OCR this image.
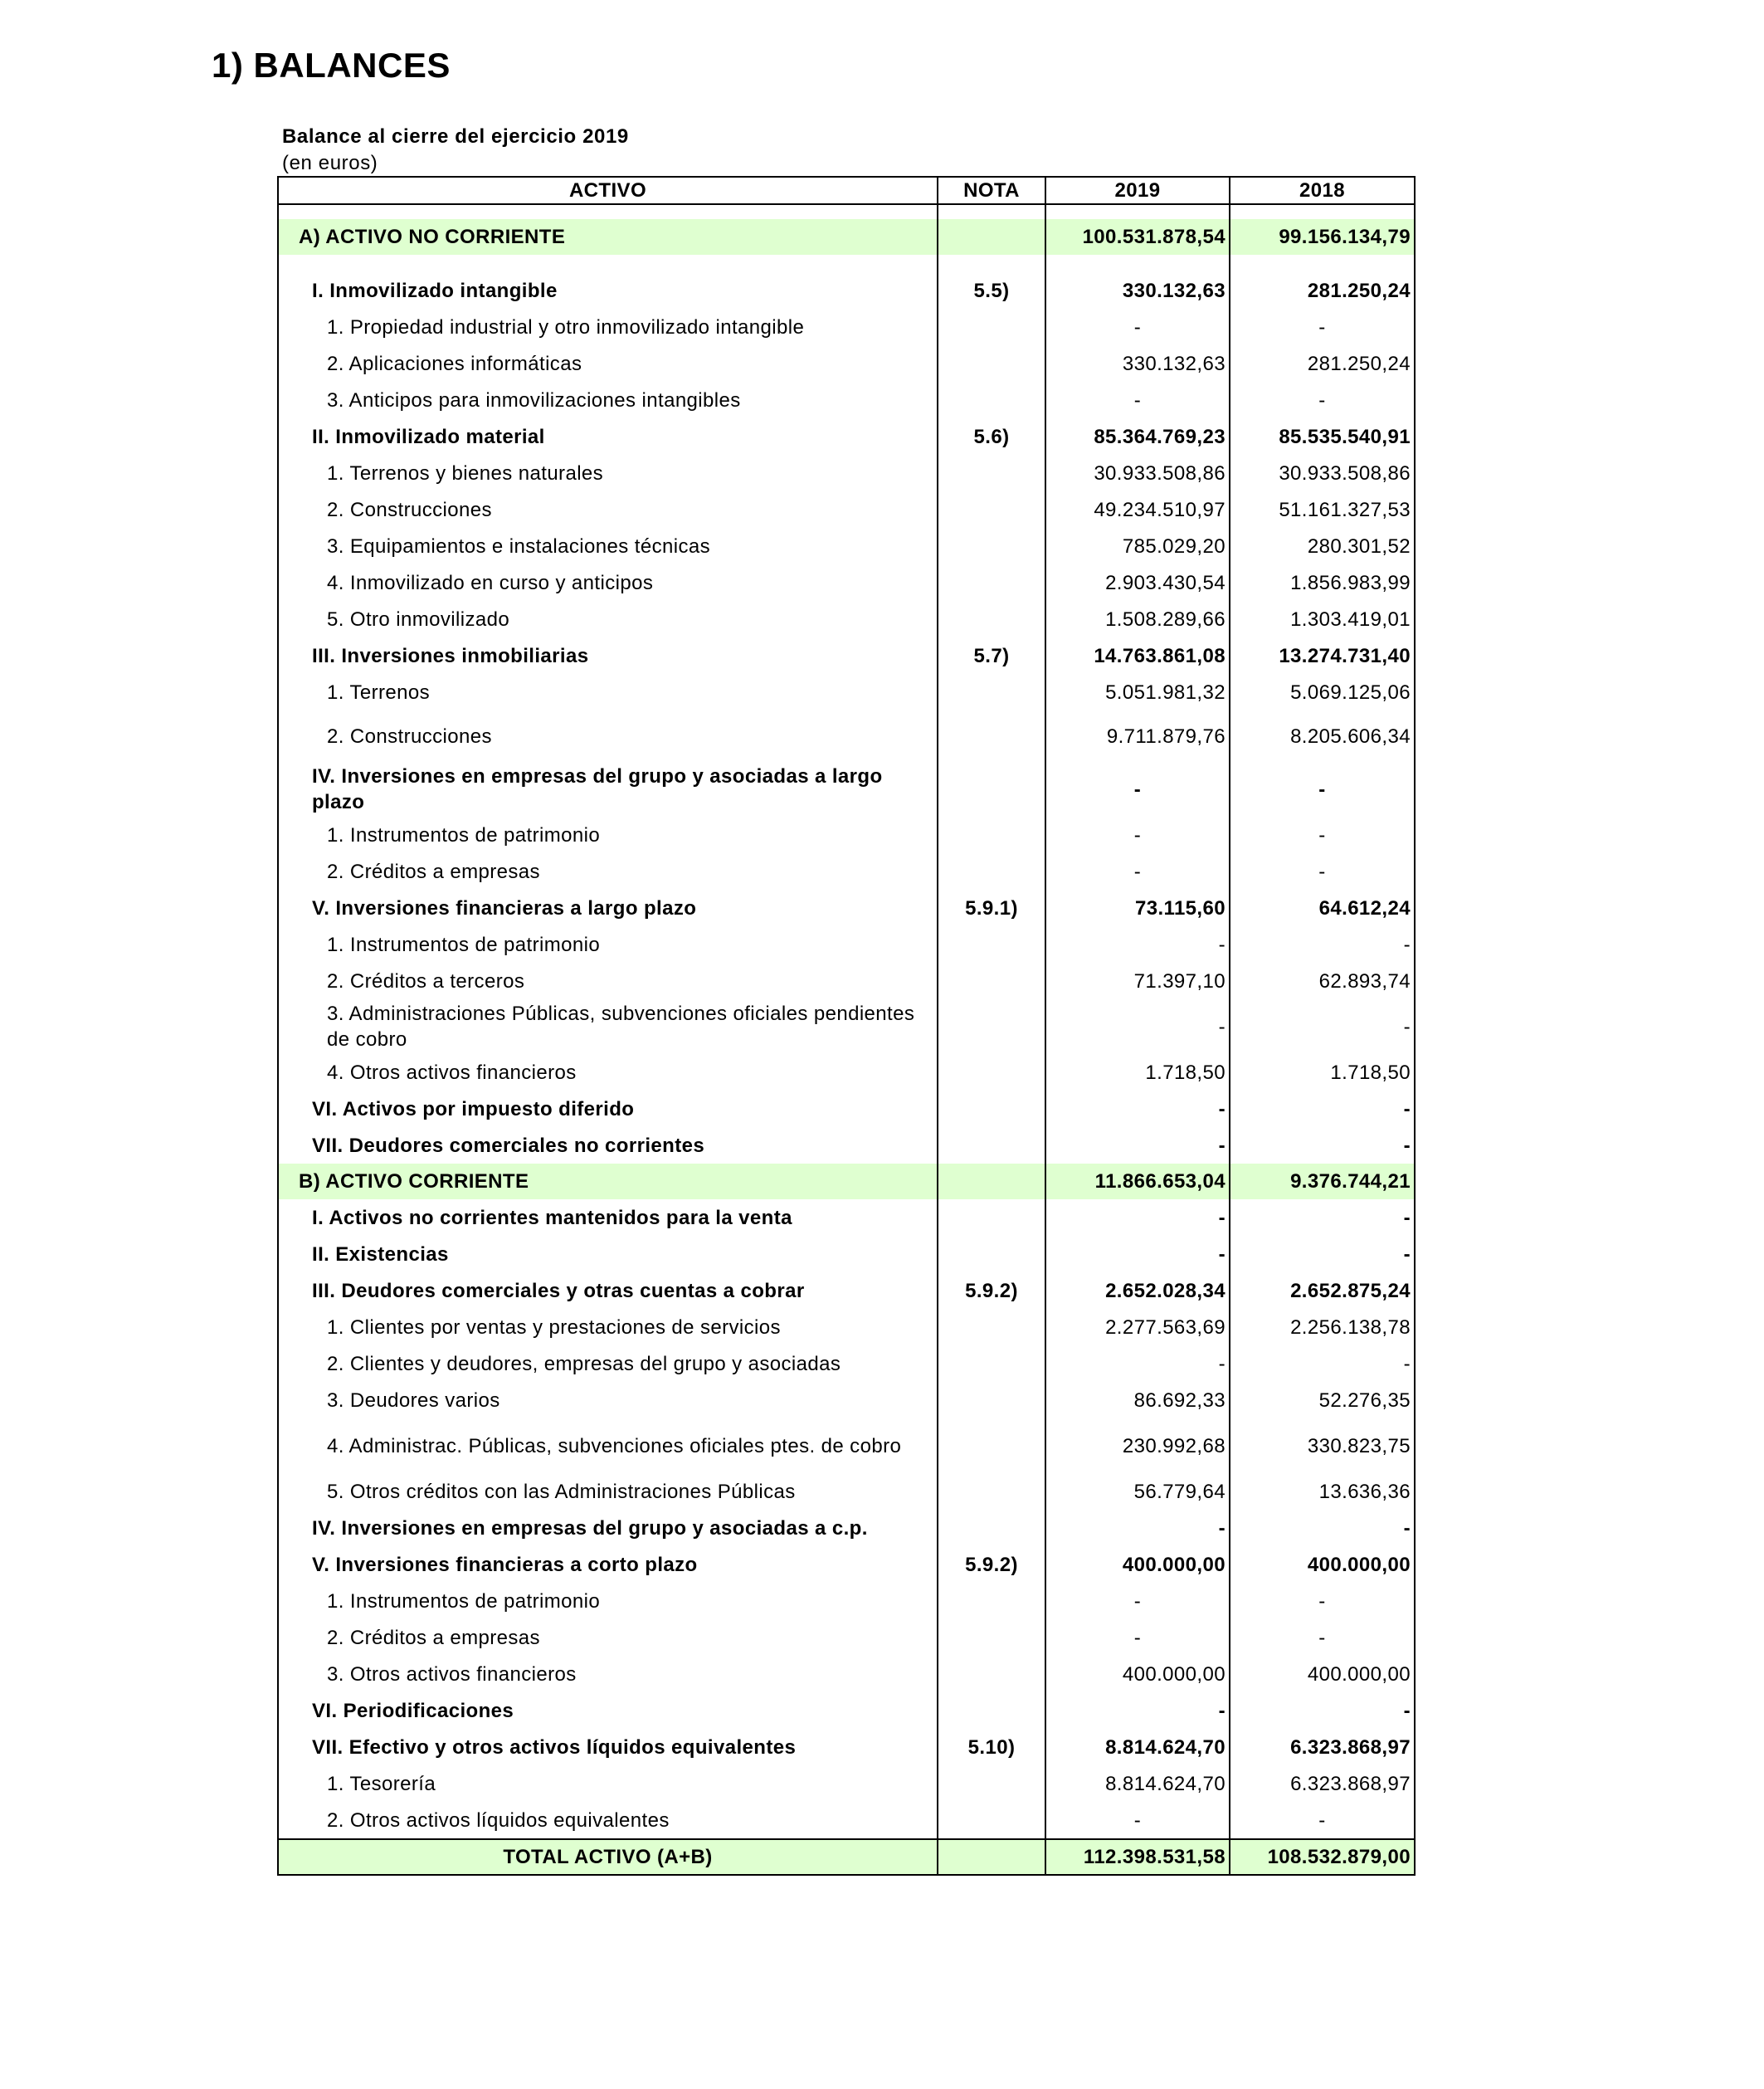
1) BALANCES
Balance al cierre del ejercicio 2019
(en euros)
ACTIVO	NOTA	2019	2018

A) ACTIVO NO CORRIENTE		100.531.878,54	99.156.134,79

I. Inmovilizado intangible	5.5)	330.132,63	281.250,24
1. Propiedad industrial y otro inmovilizado intangible		-	-
2. Aplicaciones informáticas		330.132,63	281.250,24
3. Anticipos para inmovilizaciones intangibles		-	-
II. Inmovilizado material	5.6)	85.364.769,23	85.535.540,91
1. Terrenos y bienes naturales		30.933.508,86	30.933.508,86
2. Construcciones		49.234.510,97	51.161.327,53
3. Equipamientos e instalaciones técnicas		785.029,20	280.301,52
4. Inmovilizado en curso y anticipos		2.903.430,54	1.856.983,99
5. Otro inmovilizado		1.508.289,66	1.303.419,01
III. Inversiones inmobiliarias	5.7)	14.763.861,08	13.274.731,40
1. Terrenos		5.051.981,32	5.069.125,06
2. Construcciones		9.711.879,76	8.205.606,34
IV. Inversiones en empresas del grupo y asociadas a largo plazo		-	-
1. Instrumentos de patrimonio		-	-
2. Créditos a empresas		-	-
V. Inversiones financieras a largo plazo	5.9.1)	73.115,60	64.612,24
1. Instrumentos de patrimonio		-	-
2. Créditos a terceros		71.397,10	62.893,74
3. Administraciones Públicas, subvenciones oficiales pendientes de cobro		-	-
4. Otros activos financieros		1.718,50	1.718,50
VI. Activos por impuesto diferido		-	-
VII. Deudores comerciales no corrientes		-	-
B) ACTIVO CORRIENTE		11.866.653,04	9.376.744,21
I. Activos no corrientes mantenidos para la venta		-	-
II. Existencias		-	-
III. Deudores comerciales y otras cuentas a cobrar	5.9.2)	2.652.028,34	2.652.875,24
1. Clientes por ventas y prestaciones de servicios		2.277.563,69	2.256.138,78
2. Clientes y deudores, empresas del grupo y asociadas		-	-
3. Deudores varios		86.692,33	52.276,35
4. Administrac. Públicas, subvenciones oficiales ptes. de cobro		230.992,68	330.823,75
5. Otros créditos con las Administraciones Públicas		56.779,64	13.636,36
IV. Inversiones en empresas del grupo y asociadas a c.p.		-	-
V. Inversiones financieras a corto plazo	5.9.2)	400.000,00	400.000,00
1. Instrumentos de patrimonio		-	-
2. Créditos a empresas		-	-
3. Otros activos financieros		400.000,00	400.000,00
VI. Periodificaciones		-	-
VII. Efectivo y otros activos líquidos equivalentes	5.10)	8.814.624,70	6.323.868,97
1. Tesorería		8.814.624,70	6.323.868,97
2. Otros activos líquidos equivalentes		-	-
TOTAL ACTIVO (A+B)		112.398.531,58	108.532.879,00
